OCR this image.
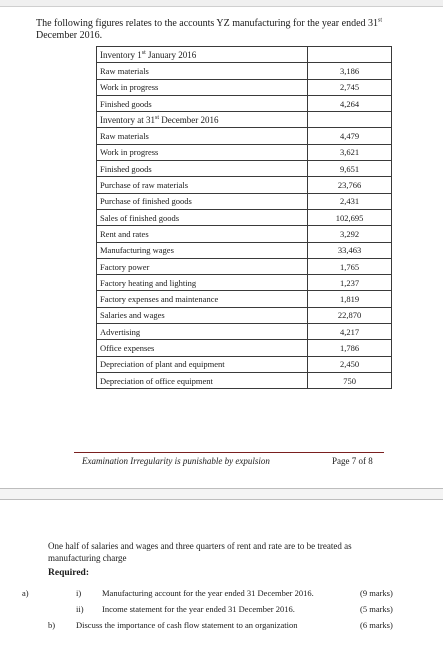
The following figures relates to the accounts YZ manufacturing for the year ended 31st December 2016.
Inventory 1st January 2016	
Raw materials	3,186
Work in progress	2,745
Finished goods	4,264
Inventory at 31st December 2016	
Raw materials	4,479
Work in progress	3,621
Finished goods	9,651
Purchase of raw materials	23,766
Purchase of finished goods	2,431
Sales of finished goods	102,695
Rent and rates	3,292
Manufacturing wages	33,463
Factory power	1,765
Factory heating and lighting	1,237
Factory expenses and maintenance	1,819
Salaries and wages	22,870
Advertising	4,217
Office expenses	1,786
Depreciation of plant and equipment	2,450
Depreciation of office equipment	750
Examination Irregularity is punishable by expulsion	Page 7 of 8
One half of salaries and wages and three quarters of rent and rate are to be treated as manufacturing charge
Required:
a)	i) Manufacturing account for the year ended 31 December 2016.	(9 marks)
ii) Income statement for the year ended 31 December 2016.	(5 marks)
b) Discuss the importance of cash flow statement to an organization	(6 marks)
